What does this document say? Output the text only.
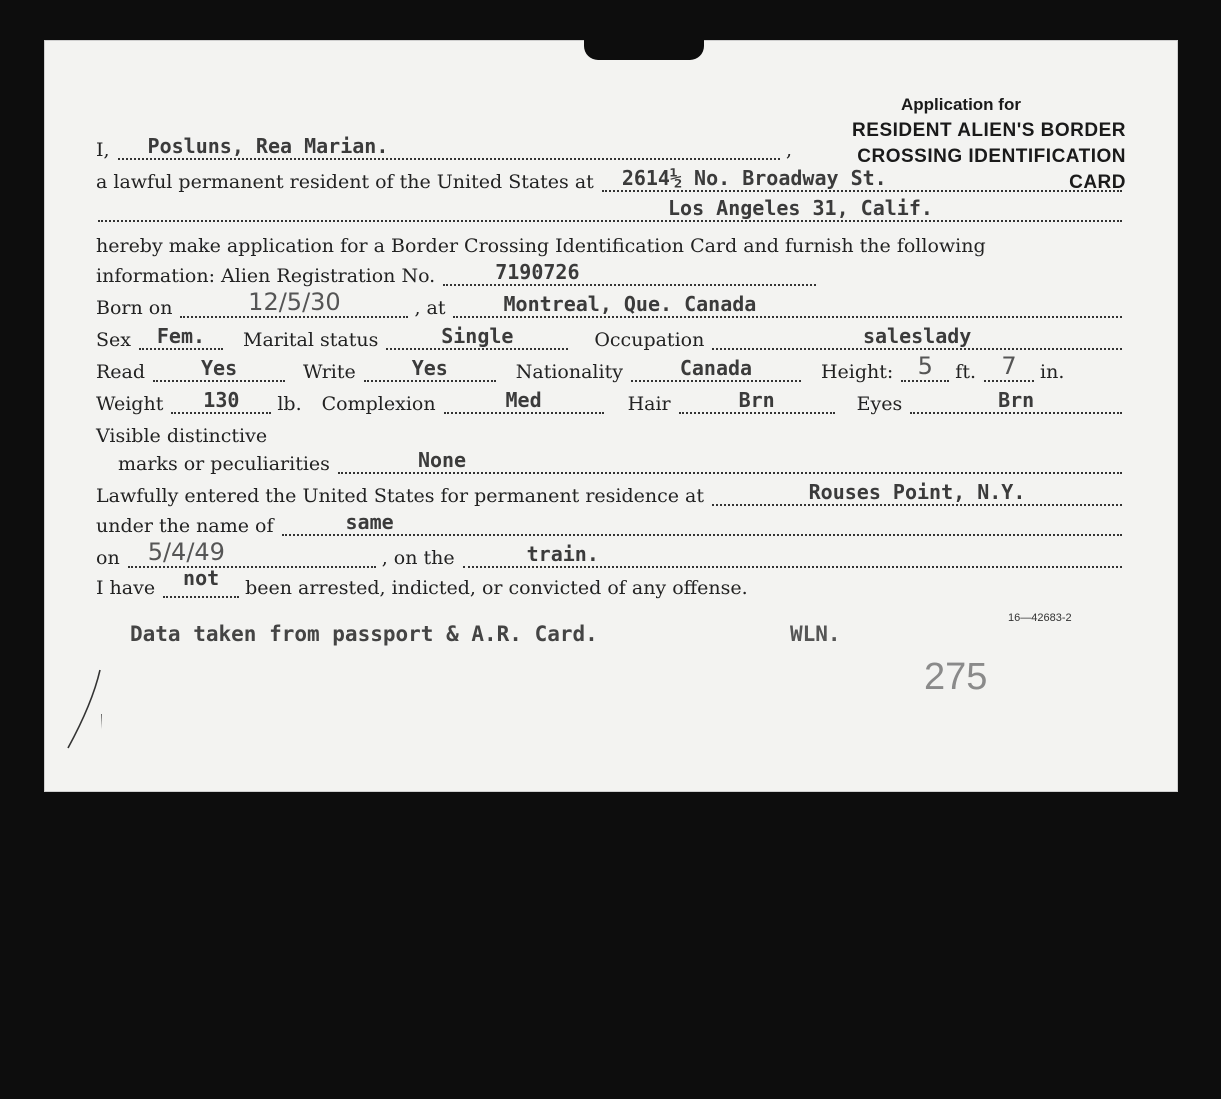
Application for
RESIDENT ALIEN'S BORDER
CROSSING IDENTIFICATION CARD
I,	Posluns, Rea Marian.	,
a lawful permanent resident of the United States at	2614½ No. Broadway St.
Los Angeles 31, Calif.
hereby make application for a Border Crossing Identification Card and furnish the following
information: Alien Registration No.	7190726
Born on	12/5/30	, at	Montreal, Que. Canada
Sex	Fem.	Marital status	Single	Occupation	saleslady
Read	Yes	Write	Yes	Nationality	Canada	Height:	5	ft.	7	in.
Weight	130	lb.	Complexion	Med	Hair	Brn	Eyes	Brn
Visible distinctive
marks or peculiarities	None
Lawfully entered the United States for permanent residence at	Rouses Point, N.Y.
under the name of	same
on	5/4/49	, on the	train.
I have	not	been arrested, indicted, or convicted of any offense.
16—42683-2
Data taken from passport & A.R. Card.	WLN.
275
